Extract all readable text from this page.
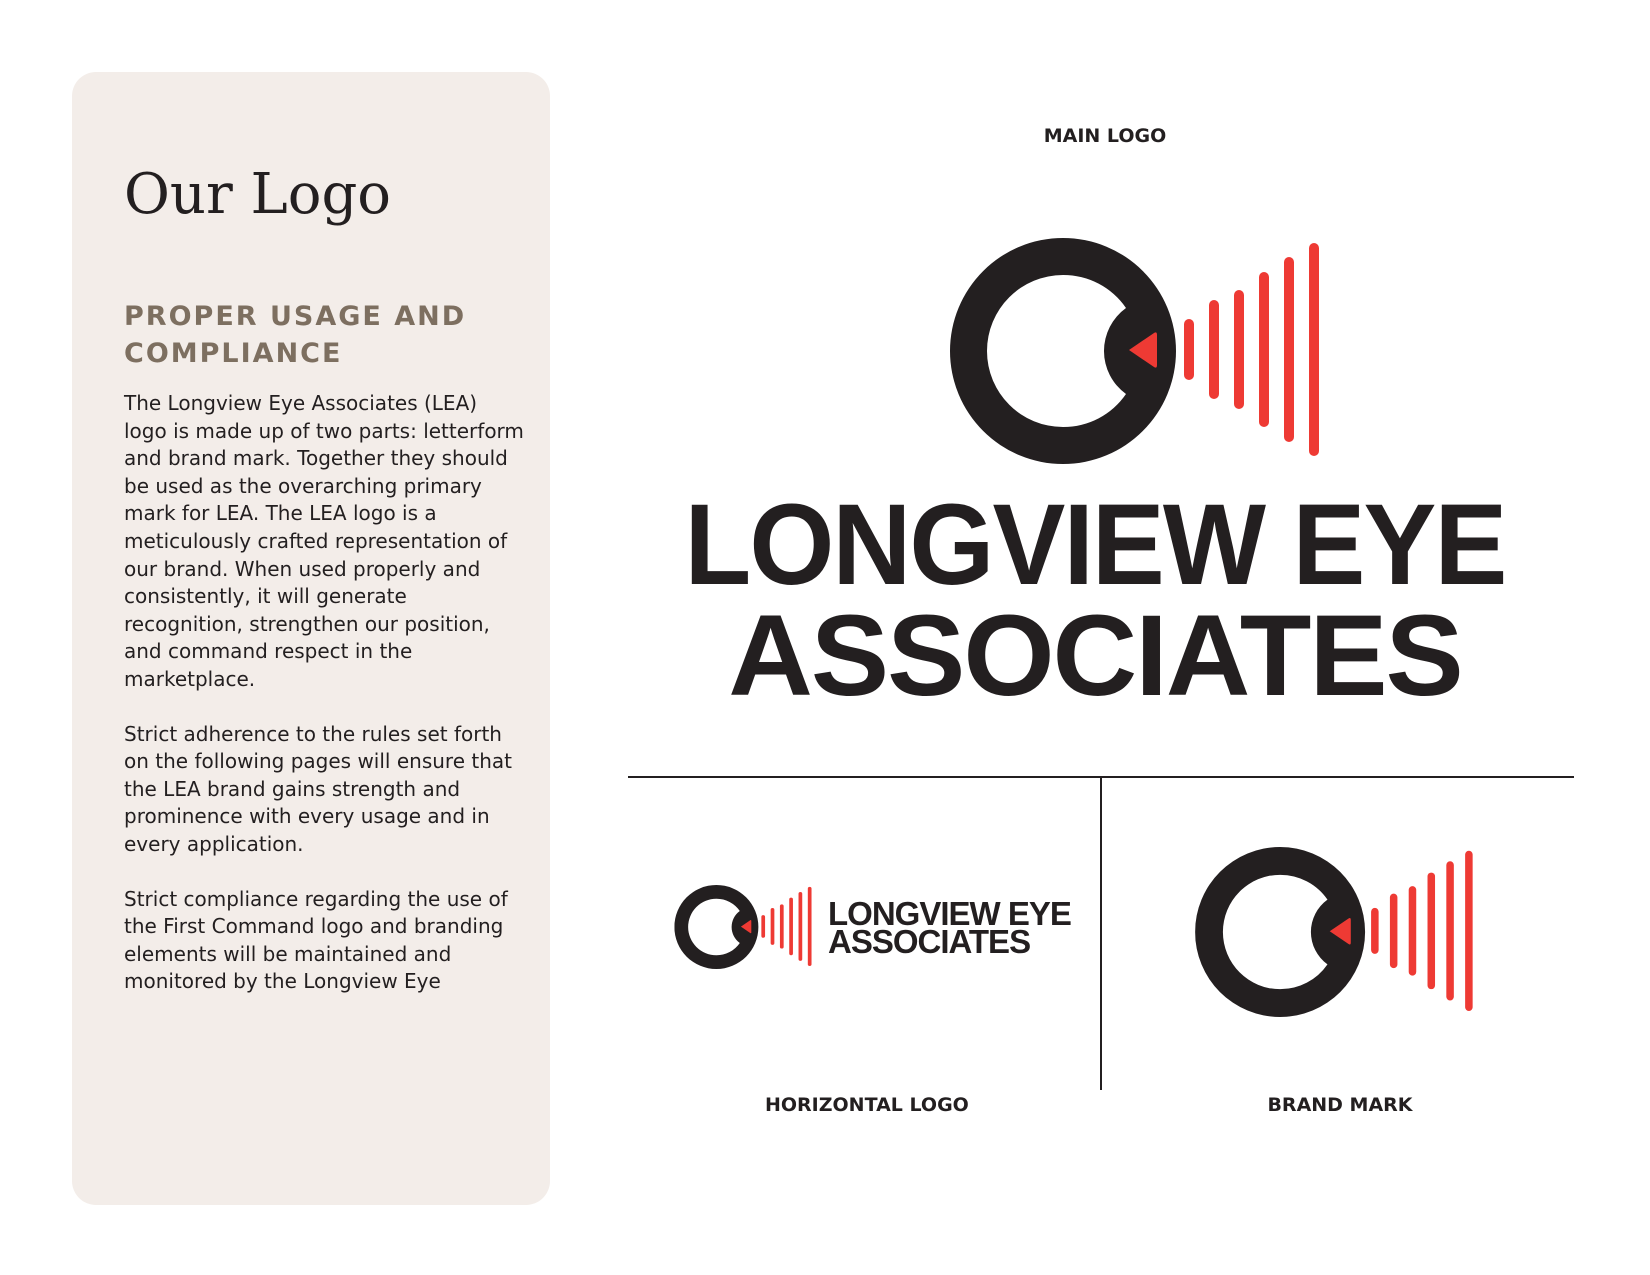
Our Logo
PROPER USAGE AND COMPLIANCE

The Longview Eye Associates (LEA) logo is made up of two parts: letterform and brand mark. Together they should be used as the overarching primary mark for LEA. The LEA logo is a meticulously crafted representation of our brand. When used properly and consistently, it will generate recognition, strengthen our position, and command respect in the marketplace.

Strict adherence to the rules set forth on the following pages will ensure that the LEA brand gains strength and prominence with every usage and in every application.

Strict compliance regarding the use of the First Command logo and branding elements will be maintained and monitored by the Longview Eye

MAIN LOGO

LONGVIEW EYE

ASSOCIATES

LONGVIEW EYE

ASSOCIATES

HORIZONTAL LOGO	BRAND MARK
